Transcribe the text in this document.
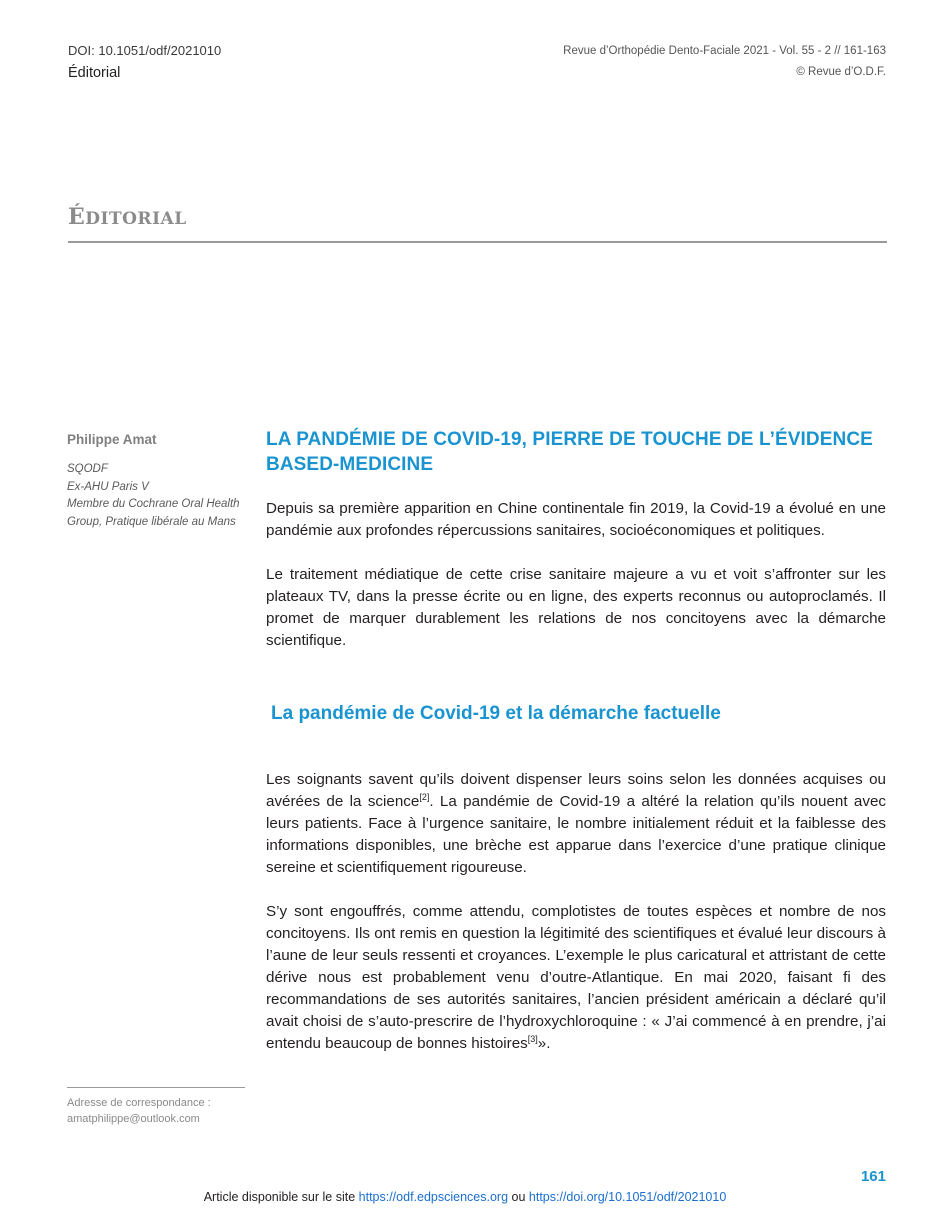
DOI: 10.1051/odf/2021010
Éditorial
Revue d’Orthopédie Dento-Faciale 2021 - Vol. 55 - 2 // 161-163
© Revue d’O.D.F.
ÉDITORIAL

Philippe Amat

SQODF

Ex-AHU Paris V

Membre du Cochrane Oral Health Group, Pratique libérale au Mans

Adresse de correspondance :

amatphilippe@outlook.com

LA PANDÉMIE DE COVID-19, PIERRE DE TOUCHE DE L’ÉVIDENCE BASED-MEDICINE

Depuis sa première apparition en Chine continentale fin 2019, la Covid-19 a évolué en une pandémie aux profondes répercussions sanitaires, socioéconomiques et politiques.

Le traitement médiatique de cette crise sanitaire majeure a vu et voit s’affronter sur les plateaux TV, dans la presse écrite ou en ligne, des experts reconnus ou autoproclamés. Il promet de marquer durablement les relations de nos concitoyens avec la démarche scientifique.

La pandémie de Covid-19 et la démarche factuelle

Les soignants savent qu’ils doivent dispenser leurs soins selon les données acquises ou avérées de la science[2]. La pandémie de Covid-19 a altéré la relation qu’ils nouent avec leurs patients. Face à l’urgence sanitaire, le nombre initialement réduit et la faiblesse des informations disponibles, une brèche est apparue dans l’exercice d’une pratique clinique sereine et scientifiquement rigoureuse.

S’y sont engouffrés, comme attendu, complotistes de toutes espèces et nombre de nos concitoyens. Ils ont remis en question la légitimité des scientifiques et évalué leur discours à l’aune de leur seuls ressenti et croyances. L’exemple le plus caricatural et attristant de cette dérive nous est probablement venu d’outre-Atlantique. En mai 2020, faisant fi des recommandations de ses autorités sanitaires, l’ancien président américain a déclaré qu’il avait choisi de s’auto-prescrire de l’hydroxychloroquine : « J’ai commencé à en prendre, j’ai entendu beaucoup de bonnes histoires[3]».

161
Article disponible sur le site https://odf.edpsciences.org ou https://doi.org/10.1051/odf/2021010
